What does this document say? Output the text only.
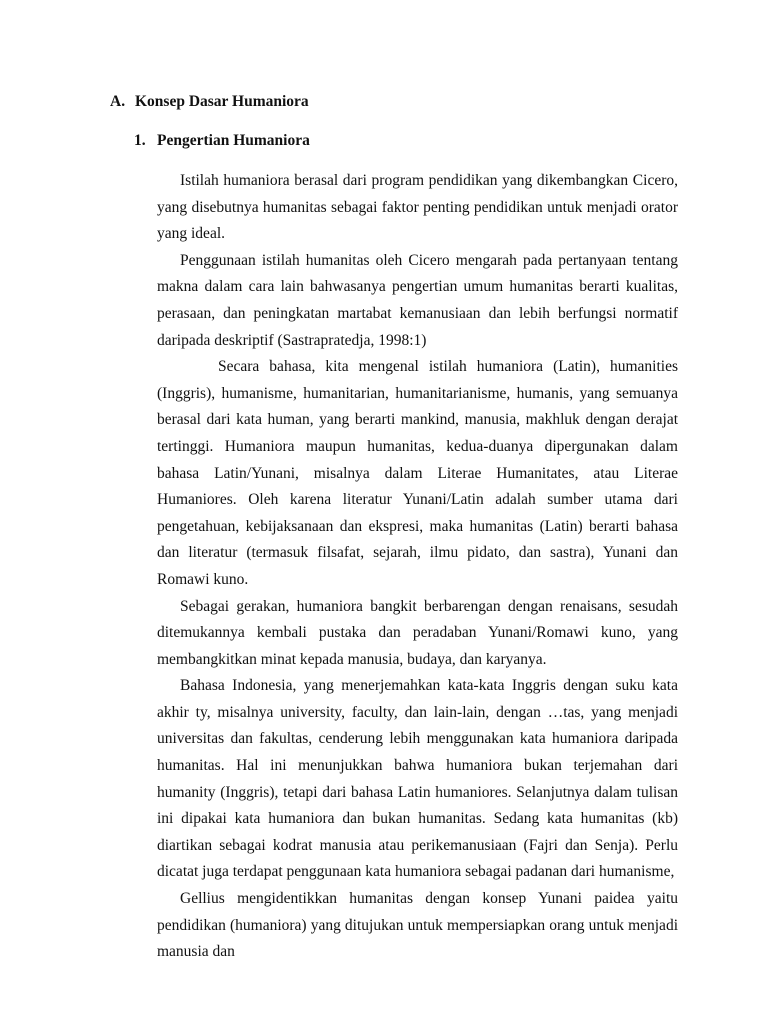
A. Konsep Dasar Humaniora
1. Pengertian Humaniora

Istilah humaniora berasal dari program pendidikan yang dikembangkan Cicero, yang disebutnya humanitas sebagai faktor penting pendidikan untuk menjadi orator yang ideal.

Penggunaan istilah humanitas oleh Cicero mengarah pada pertanyaan tentang makna dalam cara lain bahwasanya pengertian umum humanitas berarti kualitas, perasaan, dan peningkatan martabat kemanusiaan dan lebih berfungsi normatif daripada deskriptif (Sastrapratedja, 1998:1)

Secara bahasa, kita mengenal istilah humaniora (Latin), humanities (Inggris), humanisme, humanitarian, humanitarianisme, humanis, yang semuanya berasal dari kata human, yang berarti mankind, manusia, makhluk dengan derajat tertinggi. Humaniora maupun humanitas, kedua-duanya dipergunakan dalam bahasa Latin/Yunani, misalnya dalam Literae Humanitates, atau Literae Humaniores. Oleh karena literatur Yunani/Latin adalah sumber utama dari pengetahuan, kebijaksanaan dan ekspresi, maka humanitas (Latin) berarti bahasa dan literatur (termasuk filsafat, sejarah, ilmu pidato, dan sastra), Yunani dan Romawi kuno.

Sebagai gerakan, humaniora bangkit berbarengan dengan renaisans, sesudah ditemukannya kembali pustaka dan peradaban Yunani/Romawi kuno, yang membangkitkan minat kepada manusia, budaya, dan karyanya.

Bahasa Indonesia, yang menerjemahkan kata-kata Inggris dengan suku kata akhir ty, misalnya university, faculty, dan lain-lain, dengan …tas, yang menjadi universitas dan fakultas, cenderung lebih menggunakan kata humaniora daripada humanitas. Hal ini menunjukkan bahwa humaniora bukan terjemahan dari humanity (Inggris), tetapi dari bahasa Latin humaniores. Selanjutnya dalam tulisan ini dipakai kata humaniora dan bukan humanitas. Sedang kata humanitas (kb) diartikan sebagai kodrat manusia atau perikemanusiaan (Fajri dan Senja). Perlu dicatat juga terdapat penggunaan kata humaniora sebagai padanan dari humanisme,

Gellius mengidentikkan humanitas dengan konsep Yunani paidea yaitu pendidikan (humaniora) yang ditujukan untuk mempersiapkan orang untuk menjadi manusia dan
